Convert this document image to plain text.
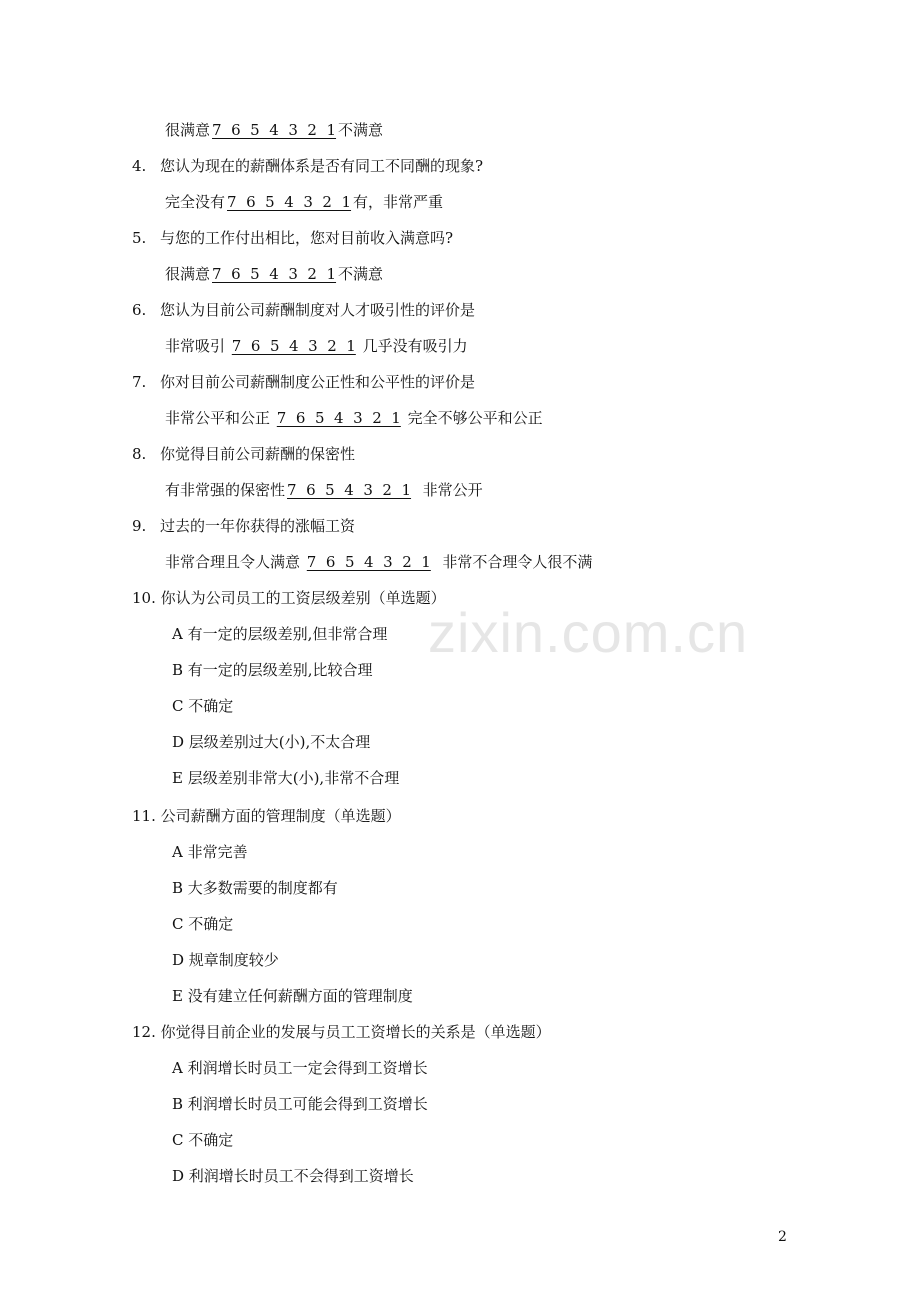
zixin.com.cn
很满意 7  6  5  4  3  2  1 不满意
4. 您认为现在的薪酬体系是否有同工不同酬的现象?
完全没有 7  6  5  4  3  2  1 有，非常严重
5. 与您的工作付出相比，您对目前收入满意吗?
很满意 7  6  5  4  3  2  1 不满意
6. 您认为目前公司薪酬制度对人才吸引性的评价是
非常吸引 7  6  5  4  3  2  1 几乎没有吸引力
7. 你对目前公司薪酬制度公正性和公平性的评价是
非常公平和公正 7  6  5  4  3  2  1 完全不够公平和公正
8. 你觉得目前公司薪酬的保密性
有非常强的保密性 7  6  5  4  3  2  1 非常公开
9. 过去的一年你获得的涨幅工资
非常合理且令人满意 7  6  5  4  3  2  1 非常不合理令人很不满
10. 你认为公司员工的工资层级差别（单选题）
A 有一定的层级差别,但非常合理
B 有一定的层级差别,比较合理
C 不确定
D 层级差别过大(小),不太合理
E 层级差别非常大(小),非常不合理
11. 公司薪酬方面的管理制度（单选题）
A 非常完善
B 大多数需要的制度都有
C 不确定
D 规章制度较少
E 没有建立任何薪酬方面的管理制度
12. 你觉得目前企业的发展与员工工资增长的关系是（单选题）
A 利润增长时员工一定会得到工资增长
B 利润增长时员工可能会得到工资增长
C 不确定
D 利润增长时员工不会得到工资增长
2
